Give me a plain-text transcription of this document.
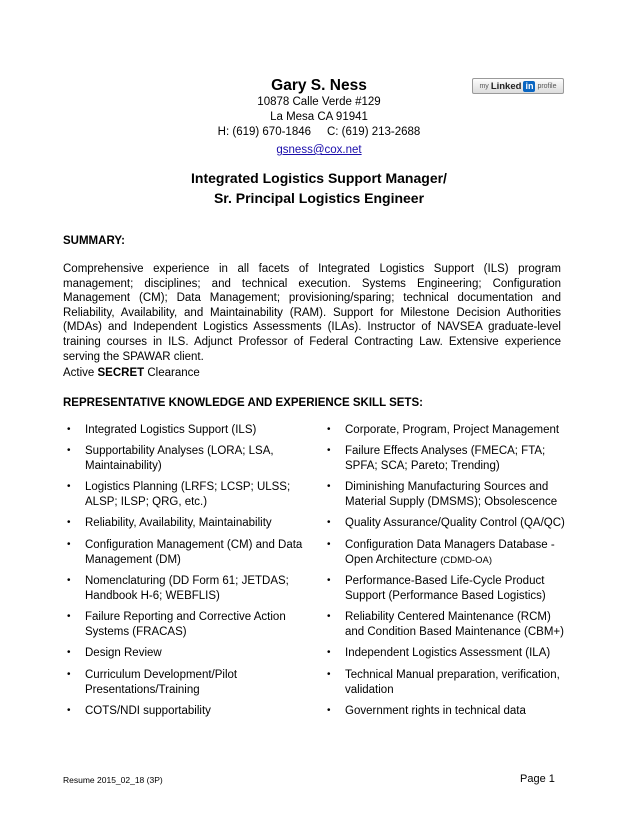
Gary S. Ness
10878 Calle Verde #129
La Mesa CA 91941
H: (619) 670-1846     C: (619) 213-2688
gsness@cox.net
my Linked in profile
Integrated Logistics Support Manager/
Sr. Principal Logistics Engineer
SUMMARY:

Comprehensive experience in all facets of Integrated Logistics Support (ILS) program management; disciplines; and technical execution. Systems Engineering; Configuration Management (CM); Data Management; provisioning/sparing; technical documentation and Reliability, Availability, and Maintainability (RAM). Support for Milestone Decision Authorities (MDAs) and Independent Logistics Assessments (ILAs). Instructor of NAVSEA graduate-level training courses in ILS. Adjunct Professor of Federal Contracting Law. Extensive experience serving the SPAWAR client.

Active SECRET Clearance
REPRESENTATIVE KNOWLEDGE AND EXPERIENCE SKILL SETS:
•	Integrated Logistics Support (ILS)	•	Corporate, Program, Project Management
•	Supportability Analyses (LORA; LSA, Maintainability)
•	Failure Effects Analyses (FMECA; FTA; SPFA; SCA; Pareto; Trending)
•	Logistics Planning (LRFS; LCSP; ULSS; ALSP; ILSP; QRG, etc.)
•	Diminishing Manufacturing Sources and Material Supply (DMSMS); Obsolescence
•	Reliability, Availability, Maintainability	•	Quality Assurance/Quality Control (QA/QC)
•	Configuration Management (CM) and Data Management (DM)
•	Configuration Data Managers Database - Open Architecture (CDMD-OA)
•	Nomenclaturing (DD Form 61; JETDAS; Handbook H-6; WEBFLIS)
•	Performance-Based Life-Cycle Product Support (Performance Based Logistics)
•	Failure Reporting and Corrective Action Systems (FRACAS)
•	Reliability Centered Maintenance (RCM) and Condition Based Maintenance (CBM+)
•	Design Review	•	Independent Logistics Assessment (ILA)
•	Curriculum Development/Pilot Presentations/Training
•	Technical Manual preparation, verification, validation
•	COTS/NDI supportability	•	Government rights in technical data
Resume 2015_02_18 (3P)	Page 1
